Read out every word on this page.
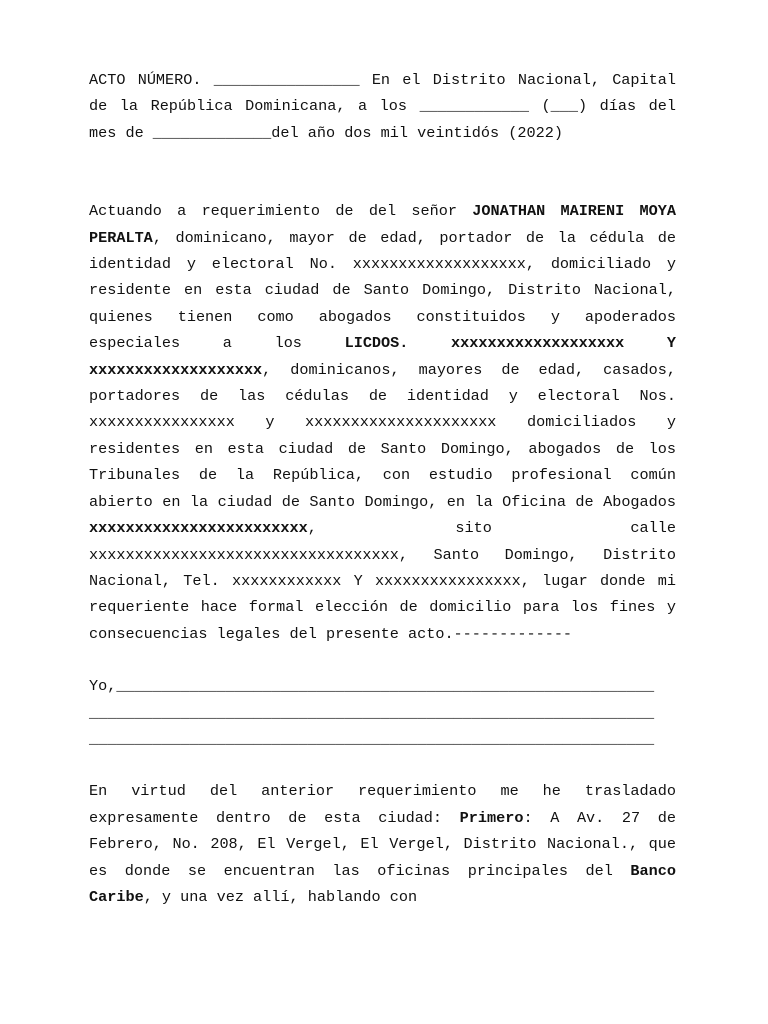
ACTO NÚMERO. ________________ En el Distrito Nacional, Capital de la República Dominicana, a los ____________ (___) días del mes de _____________del año dos mil veintidós (2022)

Actuando a requerimiento de del señor JONATHAN MAIRENI MOYA PERALTA, dominicano, mayor de edad, portador de la cédula de identidad y electoral No. xxxxxxxxxxxxxxxxxxx, domiciliado y residente en esta ciudad de Santo Domingo, Distrito Nacional, quienes tienen como abogados constituidos y apoderados especiales a los LICDOS. xxxxxxxxxxxxxxxxxxx Y xxxxxxxxxxxxxxxxxxx, dominicanos, mayores de edad, casados, portadores de las cédulas de identidad y electoral Nos. xxxxxxxxxxxxxxxx y xxxxxxxxxxxxxxxxxxxxx domiciliados y residentes en esta ciudad de Santo Domingo, abogados de los Tribunales de la República, con estudio profesional común abierto en la ciudad de Santo Domingo, en la Oficina de Abogados xxxxxxxxxxxxxxxxxxxxxxxx, sito calle xxxxxxxxxxxxxxxxxxxxxxxxxxxxxxxxxx, Santo Domingo, Distrito Nacional, Tel. xxxxxxxxxxxx Y xxxxxxxxxxxxxxxx, lugar donde mi requeriente hace formal elección de domicilio para los fines y consecuencias legales del presente acto.-------------

Yo,___________________________________________________________

______________________________________________________________

______________________________________________________________

En virtud del anterior requerimiento me he trasladado expresamente dentro de esta ciudad: Primero: A Av. 27 de Febrero, No. 208, El Vergel, El Vergel, Distrito Nacional., que es donde se encuentran las oficinas principales del Banco Caribe, y una vez allí, hablando con
